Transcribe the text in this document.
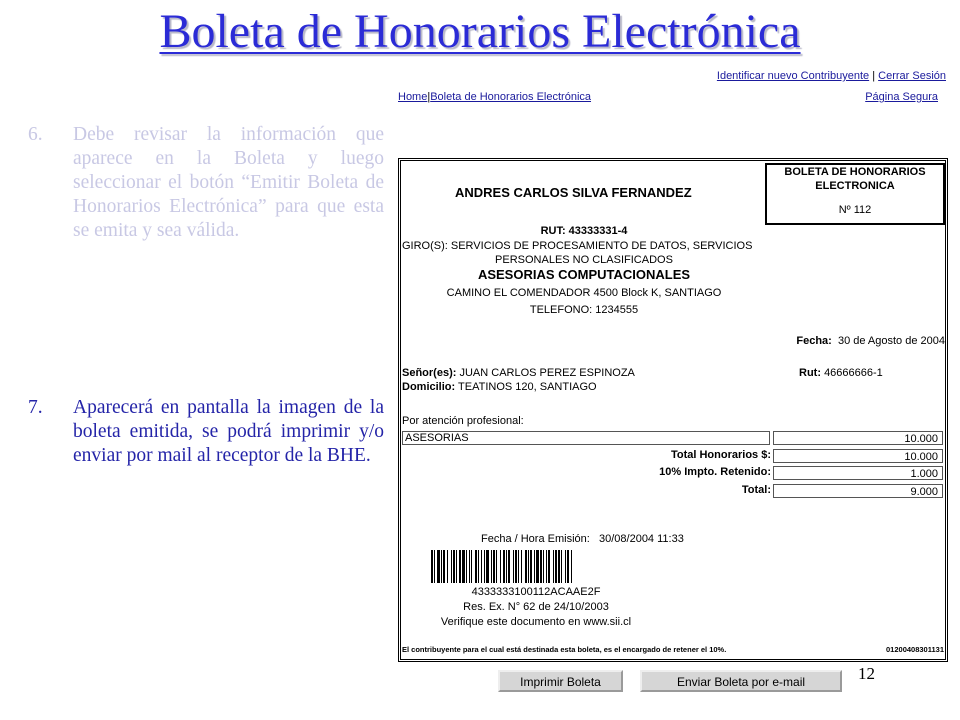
Boleta de Honorarios Electrónica
Identificar nuevo Contribuyente | Cerrar Sesión
Home|Boleta de Honorarios Electrónica	Página Segura
6.	Debe revisar la información que aparece en la Boleta y luego seleccionar el botón “Emitir Boleta de Honorarios Electrónica” para que esta se emita y sea válida.
7.	Aparecerá en pantalla la imagen de la boleta emitida, se podrá imprimir y/o enviar por mail al receptor de la BHE.
ANDRES CARLOS SILVA FERNANDEZ
BOLETA DE HONORARIOS
ELECTRONICA
Nº 112
RUT: 43333331-4
GIRO(S): SERVICIOS DE PROCESAMIENTO DE DATOS, SERVICIOS
PERSONALES NO CLASIFICADOS
ASESORIAS COMPUTACIONALES
CAMINO EL COMENDADOR 4500 Block K, SANTIAGO
TELEFONO: 1234555
Fecha: 30 de Agosto de 2004
Señor(es): JUAN CARLOS PEREZ ESPINOZA	Rut: 46666666-1
Domicilio: TEATINOS 120, SANTIAGO
Por atención profesional:
ASESORIAS	10.000
Total Honorarios $:	10.000
10% Impto. Retenido:	1.000
Total:	9.000
Fecha / Hora Emisión: 30/08/2004 11:33
4333333100112ACAAE2F
Res. Ex. N° 62 de 24/10/2003
Verifique este documento en www.sii.cl
El contribuyente para el cual está destinada esta boleta, es el encargado de retener el 10%.	01200408301131
Imprimir Boleta	Enviar Boleta por e-mail	12
